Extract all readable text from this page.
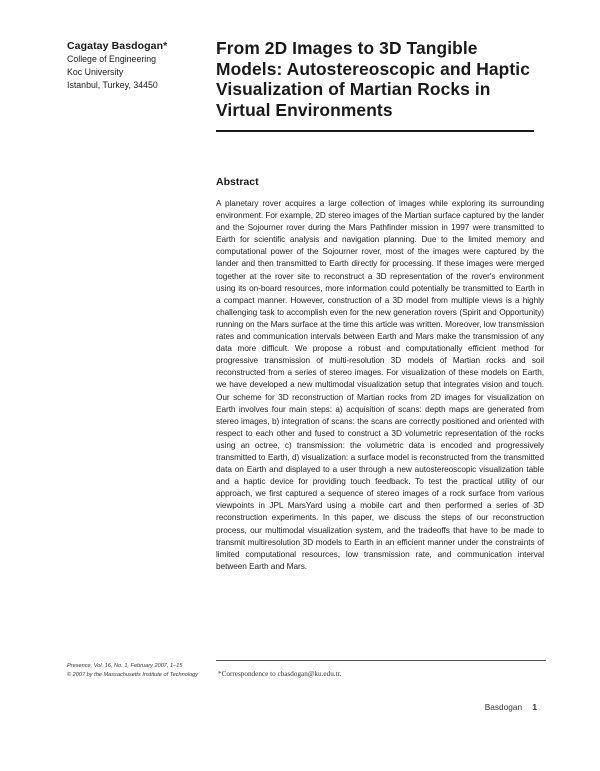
Cagatay Basdogan*
College of Engineering
Koc University
Istanbul, Turkey, 34450
From 2D Images to 3D Tangible Models: Autostereoscopic and Haptic Visualization of Martian Rocks in Virtual Environments
Abstract

A planetary rover acquires a large collection of images while exploring its surrounding environment. For example, 2D stereo images of the Martian surface captured by the lander and the Sojourner rover during the Mars Pathfinder mission in 1997 were transmitted to Earth for scientific analysis and navigation planning. Due to the limited memory and computational power of the Sojourner rover, most of the images were captured by the lander and then transmitted to Earth directly for processing. If these images were merged together at the rover site to reconstruct a 3D representation of the rover's environment using its on-board resources, more information could potentially be transmitted to Earth in a compact manner. However, construction of a 3D model from multiple views is a highly challenging task to accomplish even for the new generation rovers (Spirit and Opportunity) running on the Mars surface at the time this article was written. Moreover, low transmission rates and communication intervals between Earth and Mars make the transmission of any data more difficult. We propose a robust and computationally efficient method for progressive transmission of multi-resolution 3D models of Martian rocks and soil reconstructed from a series of stereo images. For visualization of these models on Earth, we have developed a new multimodal visualization setup that integrates vision and touch. Our scheme for 3D reconstruction of Martian rocks from 2D images for visualization on Earth involves four main steps: a) acquisition of scans: depth maps are generated from stereo images, b) integration of scans: the scans are correctly positioned and oriented with respect to each other and fused to construct a 3D volumetric representation of the rocks using an octree, c) transmission: the volumetric data is encoded and progressively transmitted to Earth, d) visualization: a surface model is reconstructed from the transmitted data on Earth and displayed to a user through a new autostereoscopic visualization table and a haptic device for providing touch feedback. To test the practical utility of our approach, we first captured a sequence of stereo images of a rock surface from various viewpoints in JPL MarsYard using a mobile cart and then performed a series of 3D reconstruction experiments. In this paper, we discuss the steps of our reconstruction process, our multimodal visualization system, and the tradeoffs that have to be made to transmit multiresolution 3D models to Earth in an efficient manner under the constraints of limited computational resources, low transmission rate, and communication interval between Earth and Mars.

Presence, Vol. 16, No. 1, February 2007, 1–15
© 2007 by the Massachusetts Institute of Technology	*Correspondence to cbasdogan@ku.edu.tr.
Basdogan 1
